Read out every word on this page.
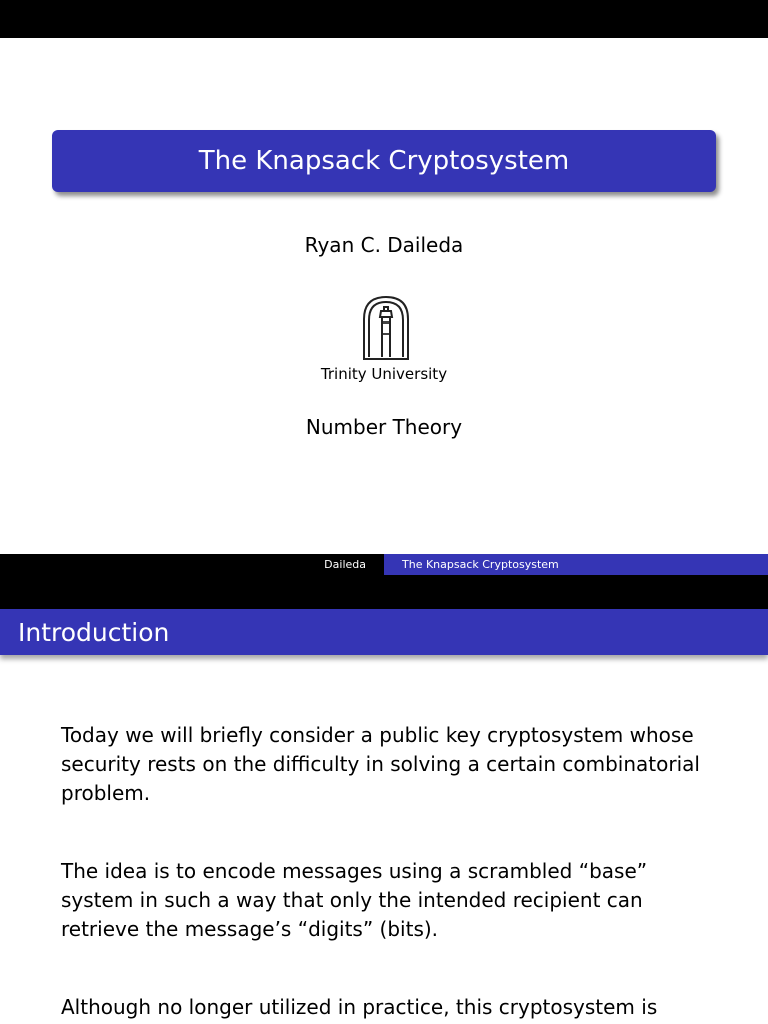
The Knapsack Cryptosystem
Ryan C. Daileda
Trinity University
Number Theory
Daileda	The Knapsack Cryptosystem
Introduction
Today we will briefly consider a public key cryptosystem whose security rests on the difficulty in solving a certain combinatorial problem.
The idea is to encode messages using a scrambled “base” system in such a way that only the intended recipient can retrieve the message’s “digits” (bits).
Although no longer utilized in practice, this cryptosystem is
